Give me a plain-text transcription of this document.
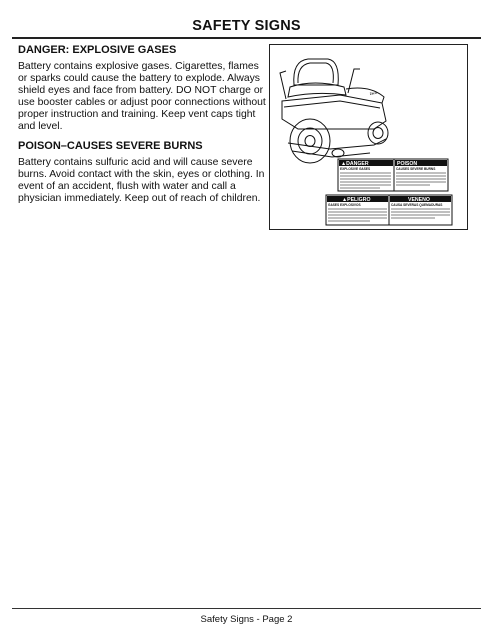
SAFETY SIGNS
DANGER: EXPLOSIVE GASES

Battery contains explosive gases. Cigarettes, flames or sparks could cause the battery to explode. Always shield eyes and face from battery. DO NOT charge or use booster cables or adjust poor connections without proper instruction and training. Keep vent caps tight and level.

POISON–CAUSES SEVERE BURNS

Battery contains sulfuric acid and will cause severe burns. Avoid contact with the skin, eyes or clothing. In event of an accident, flush with water and call a physician immediately. Keep out of reach of children.

Zero
▲DANGER	POISON
EXPLOSIVE GASES	CAUSES SEVERE BURNS
▲PELIGRO	VENENO
GASES EXPLOSIVOS	CAUSA SEVERAS QUEMADURAS
Safety Signs - Page 2
